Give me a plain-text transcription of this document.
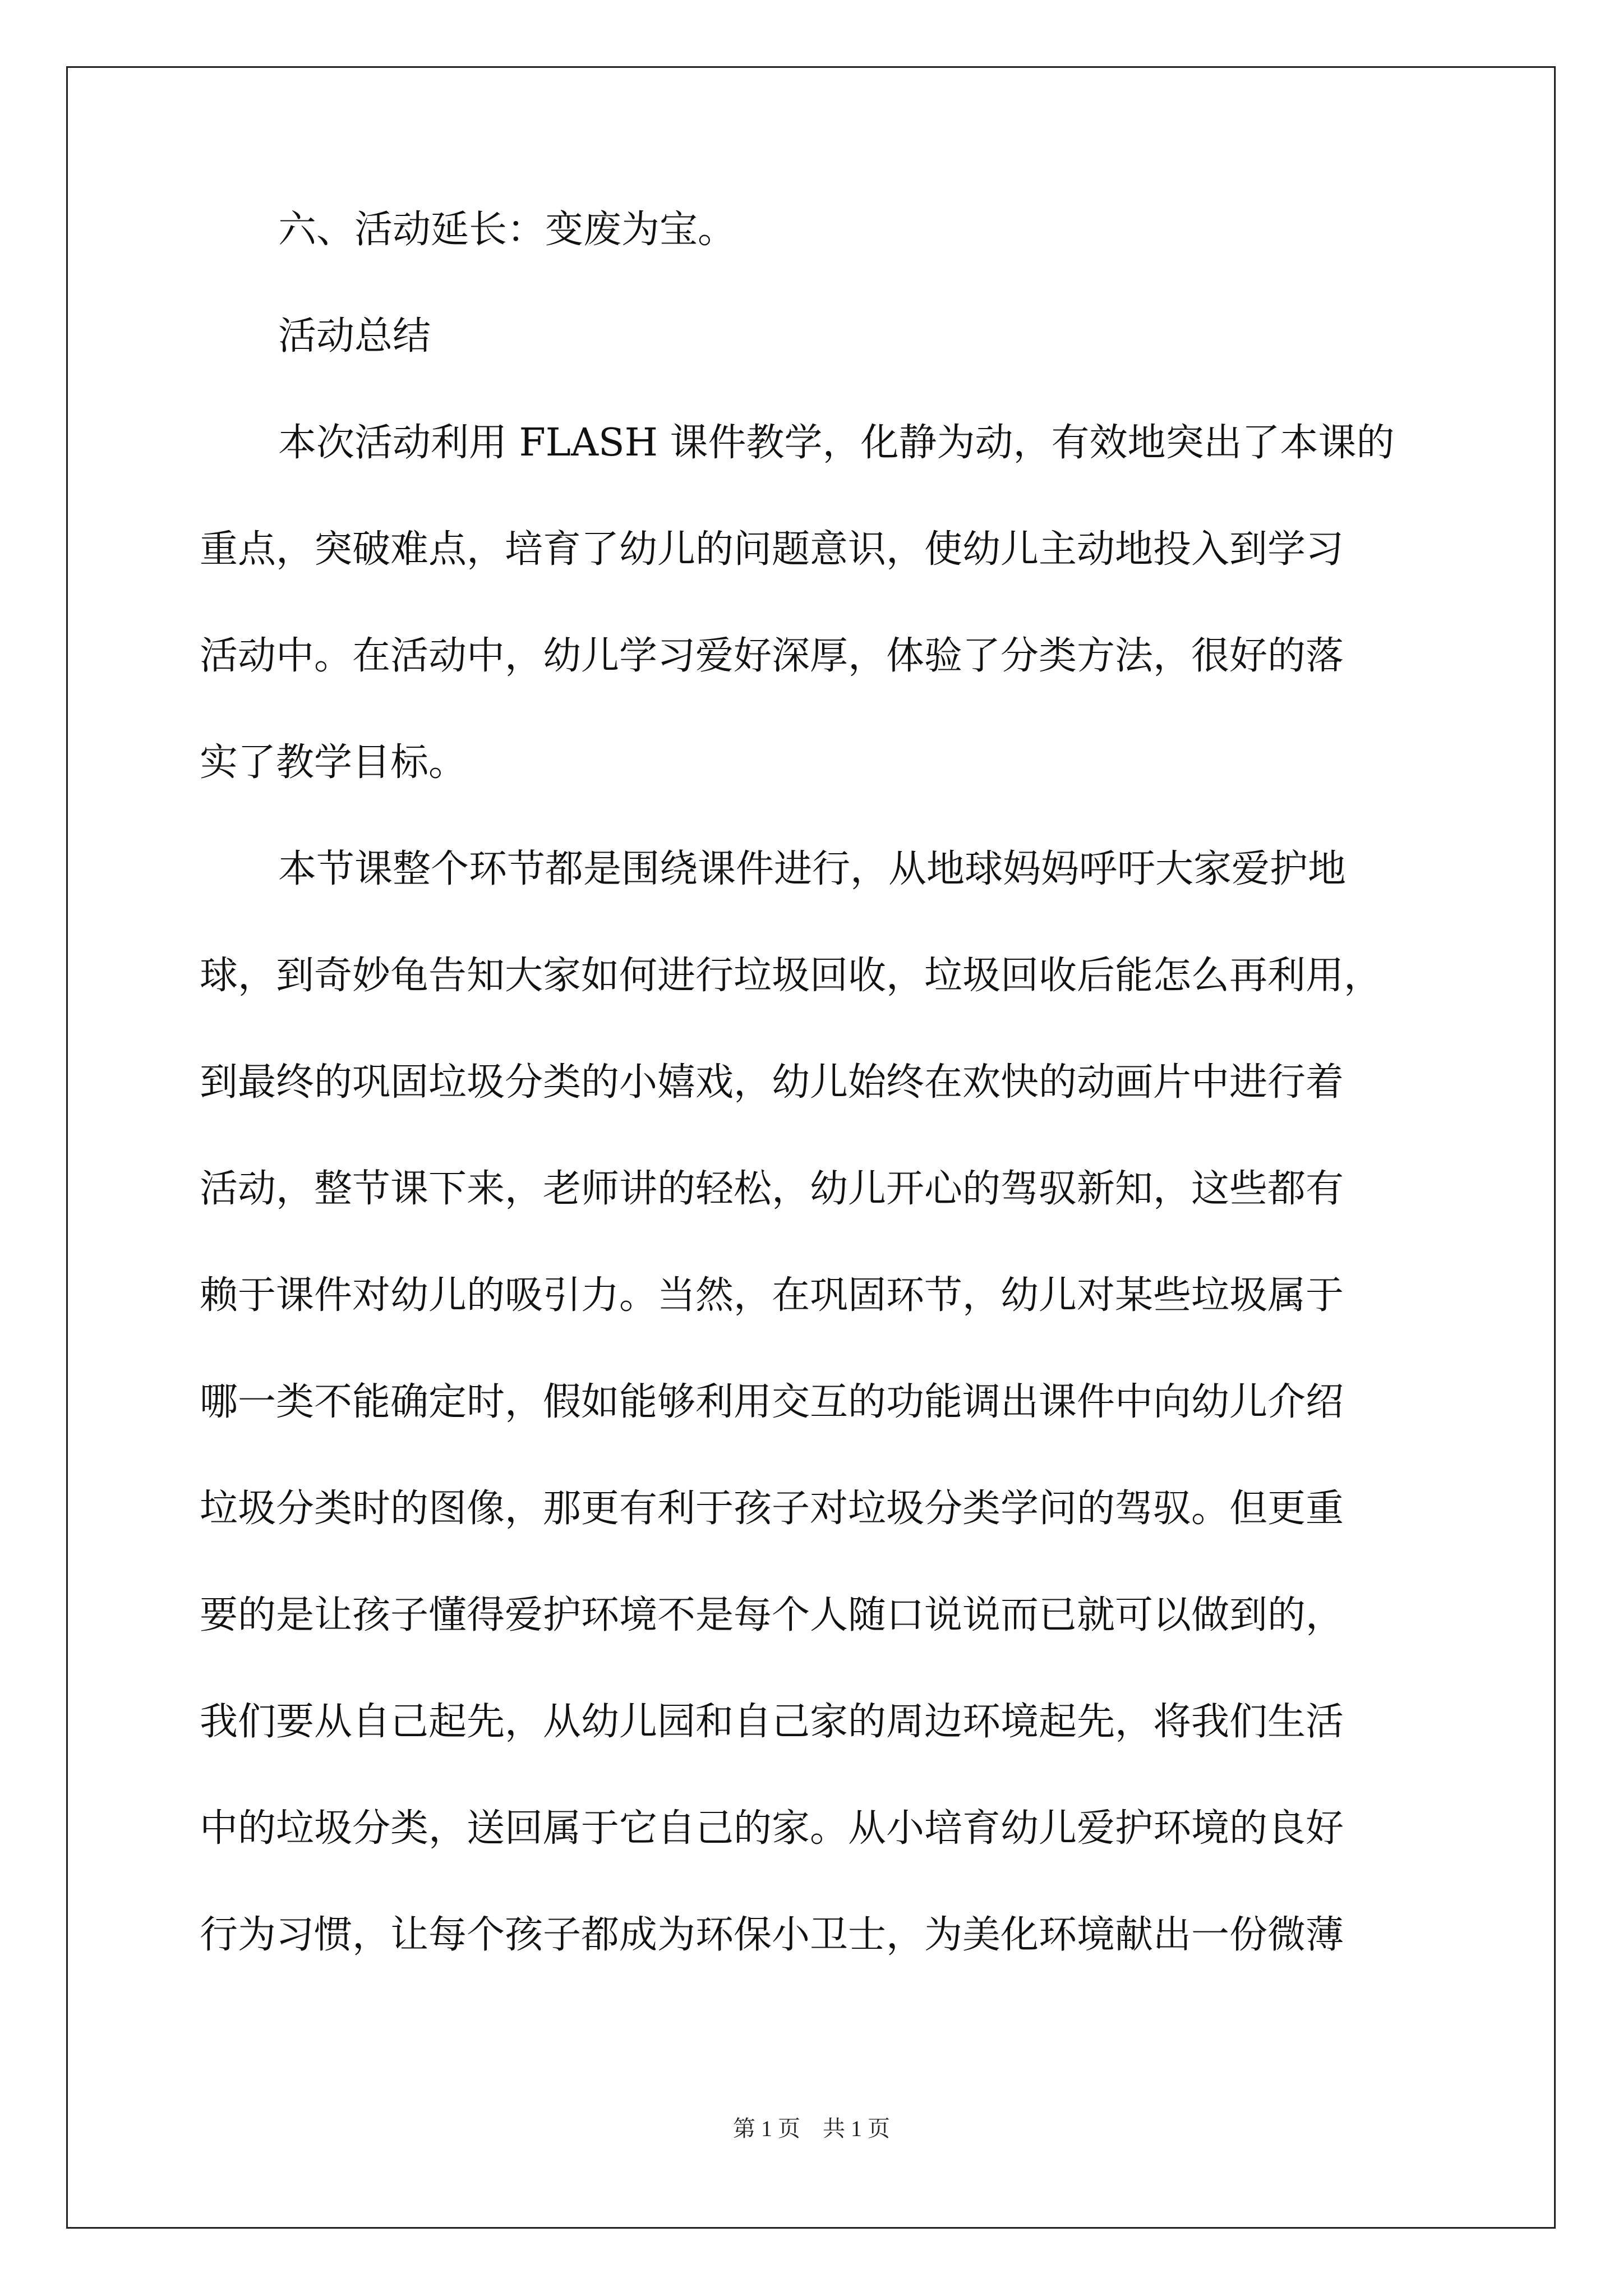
六、活动延长：变废为宝。
活动总结
本次活动利用 FLASH 课件教学，化静为动，有效地突出了本课的
重点，突破难点，培育了幼儿的问题意识，使幼儿主动地投入到学习
活动中。在活动中，幼儿学习爱好深厚，体验了分类方法，很好的落
实了教学目标。
本节课整个环节都是围绕课件进行，从地球妈妈呼吁大家爱护地
球，到奇妙龟告知大家如何进行垃圾回收，垃圾回收后能怎么再利用，
到最终的巩固垃圾分类的小嬉戏，幼儿始终在欢快的动画片中进行着
活动，整节课下来，老师讲的轻松，幼儿开心的驾驭新知，这些都有
赖于课件对幼儿的吸引力。当然，在巩固环节，幼儿对某些垃圾属于
哪一类不能确定时，假如能够利用交互的功能调出课件中向幼儿介绍
垃圾分类时的图像，那更有利于孩子对垃圾分类学问的驾驭。但更重
要的是让孩子懂得爱护环境不是每个人随口说说而已就可以做到的，
我们要从自己起先，从幼儿园和自己家的周边环境起先，将我们生活
中的垃圾分类，送回属于它自己的家。从小培育幼儿爱护环境的良好
行为习惯，让每个孩子都成为环保小卫士，为美化环境献出一份微薄
第 1 页　共 1 页
